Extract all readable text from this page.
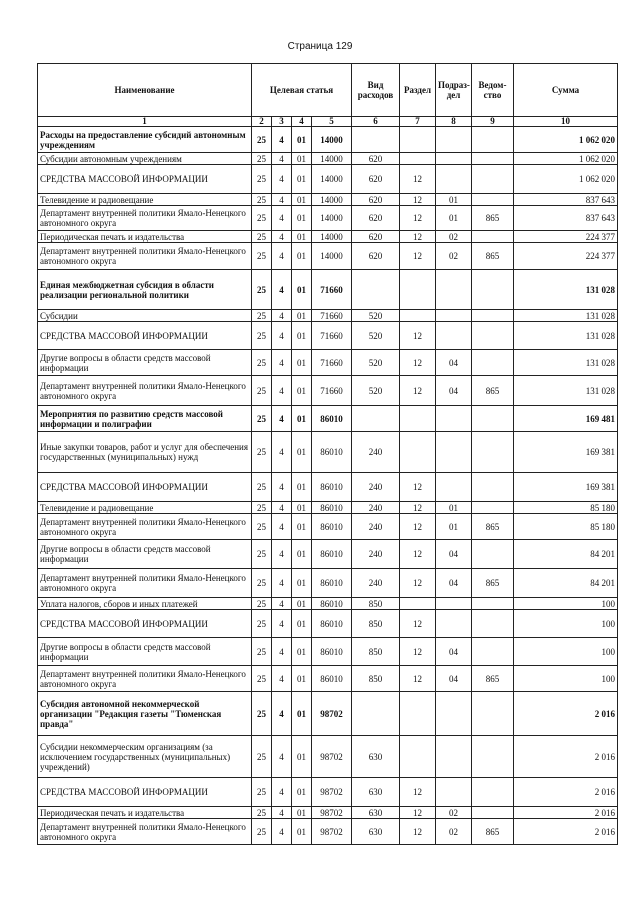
Страница 129
Наименование	Целевая статья				Вид расходов	Раздел	Подраз-дел	Ведом-ство	Сумма
1	2	3	4	5	6	7	8	9	10
Расходы на предоставление субсидий автономным учреждениям	25	4	01	14000					1 062 020
Субсидии автономным учреждениям	25	4	01	14000	620				1 062 020
СРЕДСТВА МАССОВОЙ ИНФОРМАЦИИ	25	4	01	14000	620	12			1 062 020
Телевидение и радиовещание	25	4	01	14000	620	12	01		837 643
Департамент внутренней политики Ямало-Ненецкого автономного округа	25	4	01	14000	620	12	01	865	837 643
Периодическая печать и издательства	25	4	01	14000	620	12	02		224 377
Департамент внутренней политики Ямало-Ненецкого автономного округа	25	4	01	14000	620	12	02	865	224 377
Единая межбюджетная субсидия в области реализации региональной политики	25	4	01	71660					131 028
Субсидии	25	4	01	71660	520				131 028
СРЕДСТВА МАССОВОЙ ИНФОРМАЦИИ	25	4	01	71660	520	12			131 028
Другие вопросы в области средств массовой информации	25	4	01	71660	520	12	04		131 028
Департамент внутренней политики Ямало-Ненецкого автономного округа	25	4	01	71660	520	12	04	865	131 028
Мероприятия по развитию средств массовой информации и полиграфии	25	4	01	86010					169 481
Иные закупки товаров, работ и услуг для обеспечения государственных (муниципальных) нужд	25	4	01	86010	240				169 381
СРЕДСТВА МАССОВОЙ ИНФОРМАЦИИ	25	4	01	86010	240	12			169 381
Телевидение и радиовещание	25	4	01	86010	240	12	01		85 180
Департамент внутренней политики Ямало-Ненецкого автономного округа	25	4	01	86010	240	12	01	865	85 180
Другие вопросы в области средств массовой информации	25	4	01	86010	240	12	04		84 201
Департамент внутренней политики Ямало-Ненецкого автономного округа	25	4	01	86010	240	12	04	865	84 201
Уплата налогов, сборов и иных платежей	25	4	01	86010	850				100
СРЕДСТВА МАССОВОЙ ИНФОРМАЦИИ	25	4	01	86010	850	12			100
Другие вопросы в области средств массовой информации	25	4	01	86010	850	12	04		100
Департамент внутренней политики Ямало-Ненецкого автономного округа	25	4	01	86010	850	12	04	865	100
Субсидия автономной некоммерческой организации "Редакция газеты "Тюменская правда"	25	4	01	98702					2 016
Субсидии некоммерческим организациям (за исключением государственных (муниципальных) учреждений)	25	4	01	98702	630				2 016
СРЕДСТВА МАССОВОЙ ИНФОРМАЦИИ	25	4	01	98702	630	12			2 016
Периодическая печать и издательства	25	4	01	98702	630	12	02		2 016
Департамент внутренней политики Ямало-Ненецкого автономного округа	25	4	01	98702	630	12	02	865	2 016
